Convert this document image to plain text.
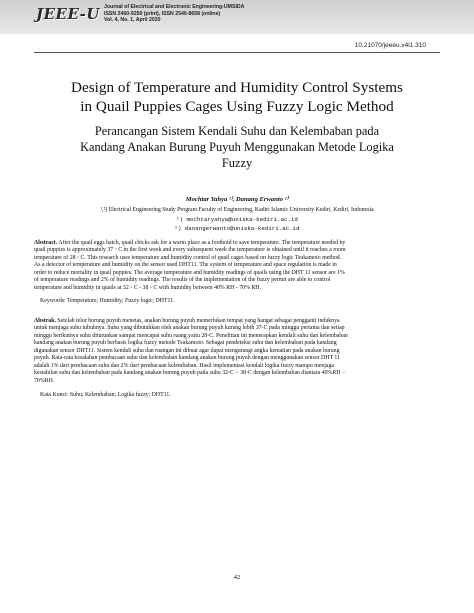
JEEE-U Journal of Electrical and Electronic Engineering-UMSIDA
ISSN 2460-9250 (print), ISSN 2540-8658 (online)
Vol. 4, No. 1, April 2020
10.21070/jeeeu.v4i1.310
Design of Temperature and Humidity Control Systems
in Quail Puppies Cages Using Fuzzy Logic Method
Perancangan Sistem Kendali Suhu dan Kelembaban pada
Kandang Anakan Burung Puyuh Menggunakan Metode Logika
Fuzzy
Mochtar Yahya ¹⁾, Danang Erwanto ²⁾
¹,²) Electrical Engineering Study Program Faculty of Engineering, Kadiri Islamic University Kediri, Kediri, Indonesia
¹) mochtaryahya@uniska-kediri.ac.id
²) danangerwanto@uniska-kediri.ac.id
Abstract. After the quail eggs hatch, quail chicks ask for a warm place as a foothold to save temperature. The temperature needed by
quail puppies is approximately 37 ◦ C in the first week and every subsequent week the temperature is obtained until it reaches a room
temperature of 28 ◦ C. This research uses temperature and humidity control of quail cages based on fuzzy logic Tsukamoto method.
As a detector of temperature and humidity on the sensor used DHT11. The system of temperature and space regulation is made in
order to reduce mortality in quail puppies. The average temperature and humidity readings of quails using the DHT 11 sensor are 1%
of temperature readings and 2% of humidity readings. The results of the implementation of the fuzzy permit are able to control
temperature and humidity in quails at 32 ◦ C - 38 ◦ C with humidity between 40% RH - 70% RH.
Keywords: Temperature; Humidity; Fuzzy logic; DHT11.
Abstrak. Setelah telur burung puyuh menetas, anakan burung puyuh memerlukan tempat yang hangat sebagai pengganti induknya
untuk menjaga suhu tubuhnya. Suhu yang dibutuhkan oleh anakan burung puyuh kurang lebih 37◦C pada minggu pertama dan setiap
minggu berikutnya suhu diturunkan sampai mencapai suhu ruang yaitu 28◦C. Penelitian ini menerapkan kendali suhu dan kelembaban
kandang anakan burung puyuh berbasis logika fuzzy metode Tsukamoto. Sebagai pendeteksi suhu dan kelembaban pada kandang
digunakan sensor DHT11. Sistem kendali suhu dan ruangan ini dibuat agar dapat mengurangi angka kematian pada anakan burung
puyuh. Rata-rata kesalahan pembacaan suhu dan kelembaban kandang anakan burung puyuh dengan menggunakan sensor DHT 11
adalah 1% dari pembacaan suhu dan 2% dari pembacaan kelembaban. Hasil implementasi kendali logika fuzzy mampu menjaga
kestabilan suhu dan kelembaban pada kandang anakan burung puyuh pada suhu 32◦C − 38◦C dengan kelembaban diantara 40%RH −
70%RH.
Kata Kunci: Suhu; Kelembaban; Logika fuzzy; DHT11.
42
